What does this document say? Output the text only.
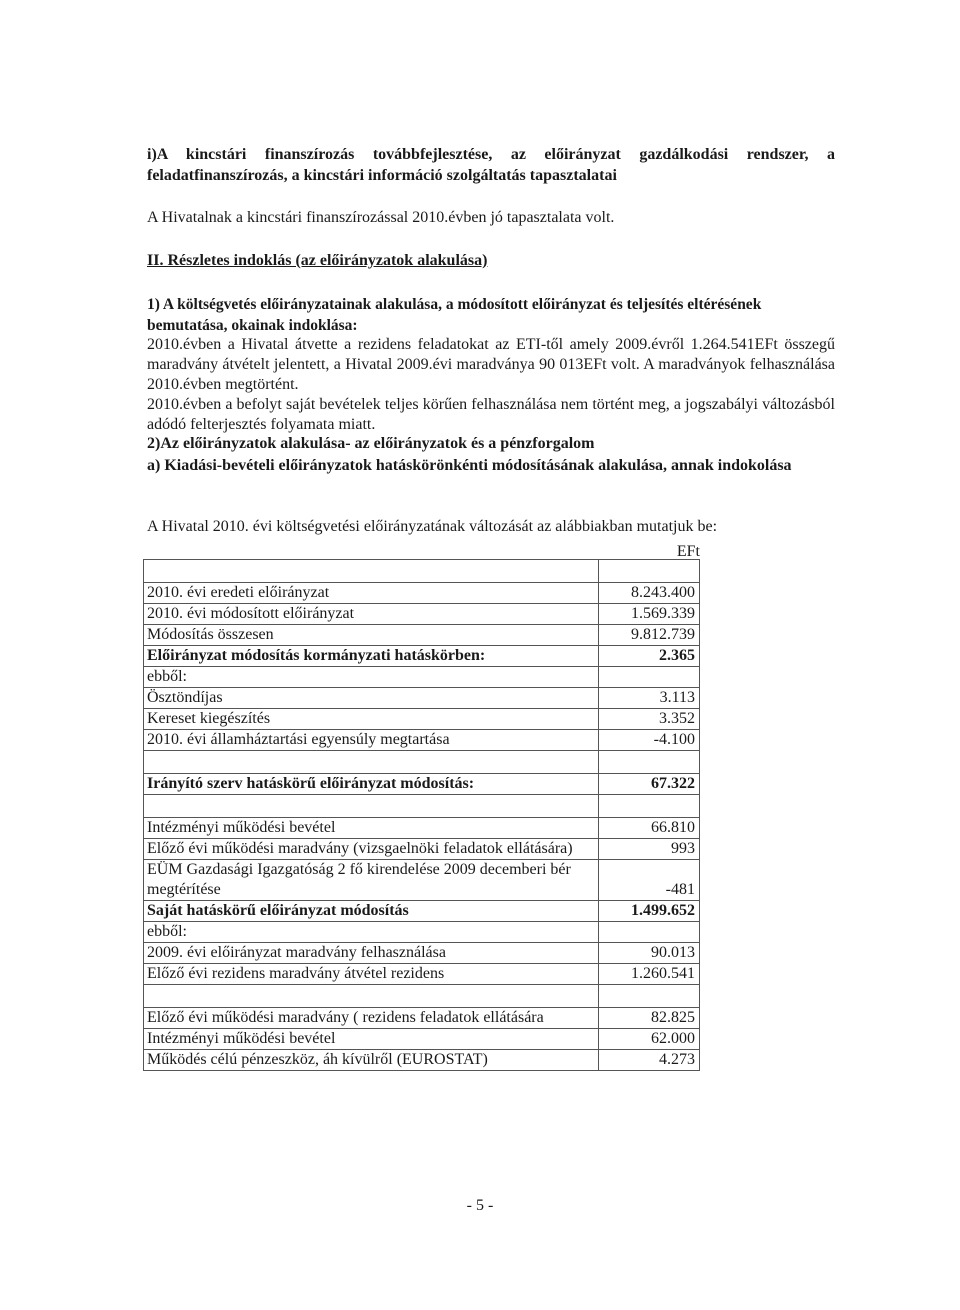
i)A kincstári finanszírozás továbbfejlesztése, az előirányzat gazdálkodási rendszer, a feladatfinanszírozás, a kincstári információ szolgáltatás tapasztalatai
A Hivatalnak a kincstári finanszírozással 2010.évben jó tapasztalata volt.
II. Részletes indoklás (az előirányzatok alakulása)
1) A költségvetés előirányzatainak alakulása, a módosított előirányzat és teljesítés eltérésének bemutatása, okainak indoklása:
2010.évben a Hivatal átvette a rezidens feladatokat az ETI-től amely 2009.évről 1.264.541EFt összegű maradvány átvételt jelentett, a Hivatal 2009.évi maradványa 90 013EFt volt. A maradványok felhasználása 2010.évben megtörtént.
2010.évben a befolyt saját bevételek teljes körűen felhasználása nem történt meg, a jogszabályi változásból adódó felterjesztés folyamata miatt.
2)Az előirányzatok alakulása- az előirányzatok és a pénzforgalom
a) Kiadási-bevételi előirányzatok hatáskörönkénti módosításának alakulása, annak indokolása
A Hivatal 2010. évi költségvetési előirányzatának változását az alábbiakban mutatjuk be:
EFt

2010. évi eredeti előirányzat	8.243.400
2010. évi módosított előirányzat	1.569.339
Módosítás összesen	9.812.739
Előirányzat módosítás kormányzati hatáskörben:	2.365
ebből:	
Ösztöndíjas	3.113
Kereset kiegészítés	3.352
2010. évi államháztartási egyensúly megtartása	-4.100

Irányító szerv hatáskörű előirányzat módosítás:	67.322

Intézményi működési bevétel	66.810
Előző évi működési maradvány (vizsgaelnöki feladatok ellátására)	993
EÜM Gazdasági Igazgatóság 2 fő kirendelése 2009 decemberi bér megtérítése	-481
Saját hatáskörű előirányzat módosítás	1.499.652
ebből:	
2009. évi előirányzat maradvány felhasználása	90.013
Előző évi rezidens maradvány átvétel rezidens	1.260.541

Előző évi működési maradvány ( rezidens feladatok ellátására	82.825
Intézményi működési bevétel	62.000
Működés célú pénzeszköz, áh kívülről (EUROSTAT)	4.273
- 5 -
